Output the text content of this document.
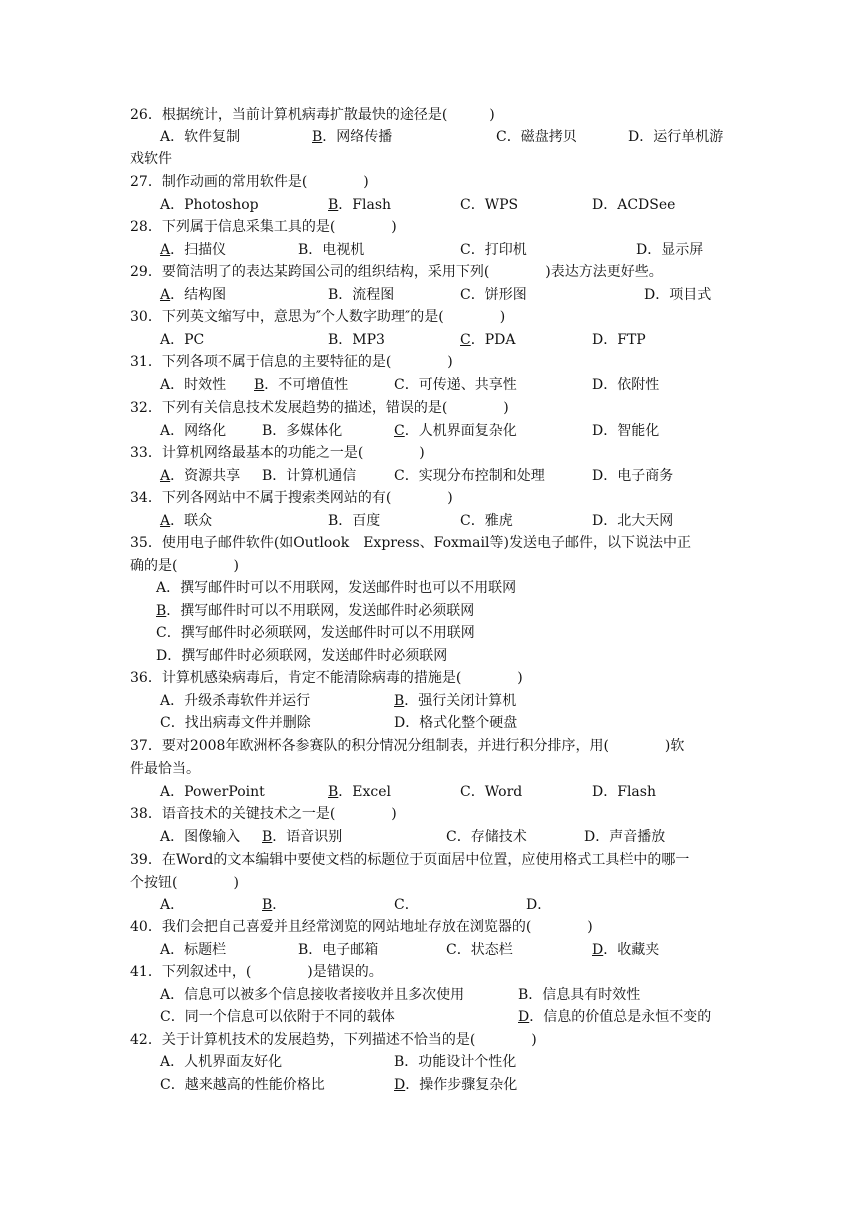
26．根据统计，当前计算机病毒扩散最快的途径是(　　　)
A．软件复制	B．网络传播	C．磁盘拷贝	D．运行单机游
戏软件
27．制作动画的常用软件是(　　　　)
A．Photoshop	B．Flash	C．WPS	D．ACDSee
28．下列属于信息采集工具的是(　　　　)
A．扫描仪	B．电视机	C．打印机	D．显示屏
29．要简洁明了的表达某跨国公司的组织结构，采用下列(　　　　)表达方法更好些。
A．结构图	B．流程图	C．饼形图	D．项目式
30．下列英文缩写中，意思为″个人数字助理″的是(　　　　)
A．PC	B．MP3	C．PDA	D．FTP
31．下列各项不属于信息的主要特征的是(　　　　)
A．时效性 B．不可增值性	C．可传递、共享性	D．依附性
32．下列有关信息技术发展趋势的描述，错误的是(　　　　)
A．网络化	B．多媒体化	C．人机界面复杂化	D．智能化
33．计算机网络最基本的功能之一是(　　　　)
A．资源共享 B．计算机通信	C．实现分布控制和处理	D．电子商务
34．下列各网站中不属于搜索类网站的有(　　　　)
A．联众	B．百度	C．雅虎	D．北大天网
35．使用电子邮件软件(如Outlook　Express、Foxmail等)发送电子邮件，以下说法中正
确的是(　　　　)
A．撰写邮件时可以不用联网，发送邮件时也可以不用联网
B．撰写邮件时可以不用联网，发送邮件时必须联网
C．撰写邮件时必须联网，发送邮件时可以不用联网
D．撰写邮件时必须联网，发送邮件时必须联网
36．计算机感染病毒后，肯定不能清除病毒的措施是(　　　　)
A．升级杀毒软件并运行	B．强行关闭计算机
C．找出病毒文件并删除	D．格式化整个硬盘
37．要对2008年欧洲杯各参赛队的积分情况分组制表，并进行积分排序，用(　　　　)软
件最恰当。
A．PowerPoint	B．Excel	C．Word	D．Flash
38．语音技术的关键技术之一是(　　　　)
A．图像输入 B．语音识别	C．存储技术	D．声音播放
39．在Word的文本编辑中要使文档的标题位于页面居中位置，应使用格式工具栏中的哪一
个按钮(　　　　)
A．	B．	C．	D．
40．我们会把自己喜爱并且经常浏览的网站地址存放在浏览器的(　　　　)
A．标题栏	B．电子邮箱	C．状态栏	D．收藏夹
41．下列叙述中，(　　　　)是错误的。
A．信息可以被多个信息接收者接收并且多次使用	B．信息具有时效性
C．同一个信息可以依附于不同的载体	D．信息的价值总是永恒不变的
42．关于计算机技术的发展趋势，下列描述不恰当的是(　　　　)
A．人机界面友好化	B．功能设计个性化
C．越来越高的性能价格比	D．操作步骤复杂化
